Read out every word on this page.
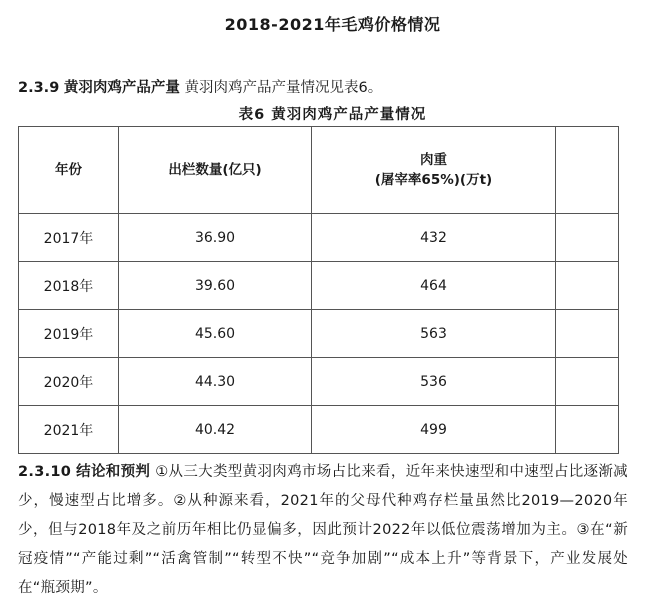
2018-2021年毛鸡价格情况
2.3.9 黄羽肉鸡产品产量 黄羽肉鸡产品产量情况见表6。
表6 黄羽肉鸡产品产量情况
年份	出栏数量(亿只)	肉重
(屠宰率65%)(万t)	

2017年	36.90	432	
2018年	39.60	464	
2019年	45.60	563	
2020年	44.30	536	
2021年	40.42	499	
2.3.10 结论和预判 ①从三大类型黄羽肉鸡市场占比来看，近年来快速型和中速型占比逐渐减少，慢速型占比增多。②从种源来看，2021年的父母代种鸡存栏量虽然比2019—2020年少，但与2018年及之前历年相比仍显偏多，因此预计2022年以低位震荡增加为主。③在“新冠疫情”“产能过剩”“活禽管制”“转型不快”“竞争加剧”“成本上升”等背景下，产业发展处在“瓶颈期”。
